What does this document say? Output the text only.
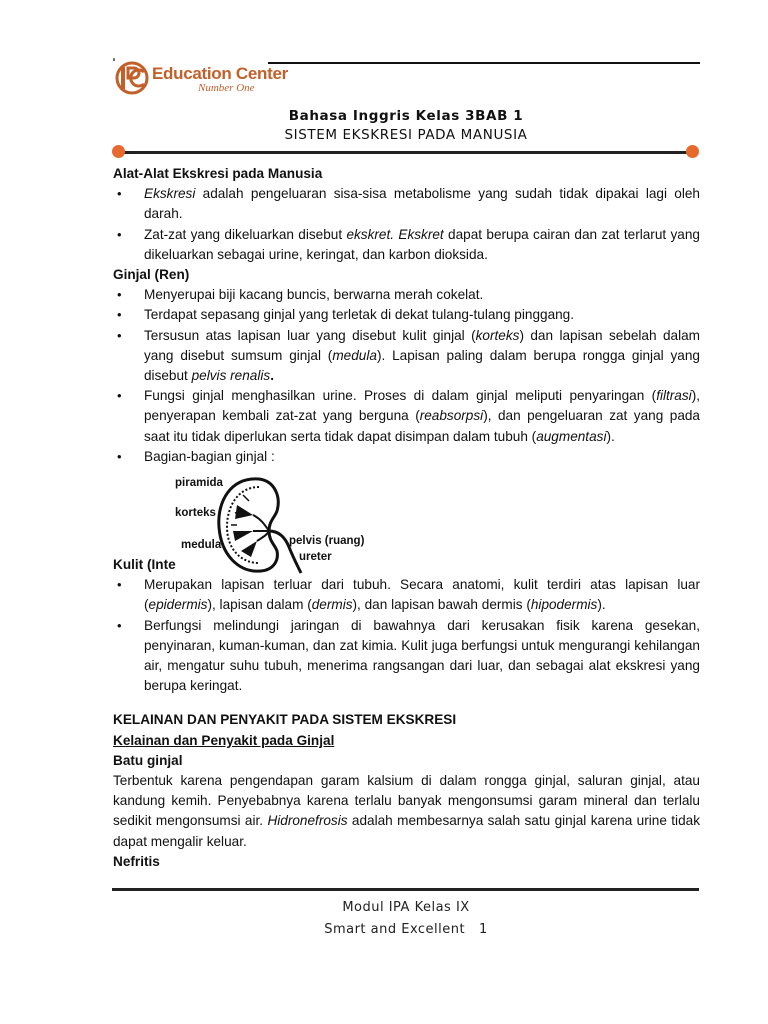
Education Center
Number One
Bahasa Inggris Kelas 3BAB 1
SISTEM EKSKRESI PADA MANUSIA

Alat-Alat Ekskresi pada Manusia

• Ekskresi adalah pengeluaran sisa-sisa metabolisme yang sudah tidak dipakai lagi oleh darah.
• Zat-zat yang dikeluarkan disebut ekskret. Ekskret dapat berupa cairan dan zat terlarut yang dikeluarkan sebagai urine, keringat, dan karbon dioksida.

Ginjal (Ren)

• Menyerupai biji kacang buncis, berwarna merah cokelat.
• Terdapat sepasang ginjal yang terletak di dekat tulang-tulang pinggang.
• Tersusun atas lapisan luar yang disebut kulit ginjal (korteks) dan lapisan sebelah dalam yang disebut sumsum ginjal (medula). Lapisan paling dalam berupa rongga ginjal yang disebut pelvis renalis.
• Fungsi ginjal menghasilkan urine. Proses di dalam ginjal meliputi penyaringan (filtrasi), penyerapan kembali zat-zat yang berguna (reabsorpsi), dan pengeluaran zat yang pada saat itu tidak diperlukan serta tidak dapat disimpan dalam tubuh (augmentasi).
• Bagian-bagian ginjal :
piramida
korteks
medula	pelvis (ruang)
ureter

Kulit (Inte

• Merupakan lapisan terluar dari tubuh. Secara anatomi, kulit terdiri atas lapisan luar (epidermis), lapisan dalam (dermis), dan lapisan bawah dermis (hipodermis).
• Berfungsi melindungi jaringan di bawahnya dari kerusakan fisik karena gesekan, penyinaran, kuman-kuman, dan zat kimia. Kulit juga berfungsi untuk mengurangi kehilangan air, mengatur suhu tubuh, menerima rangsangan dari luar, dan sebagai alat ekskresi yang berupa keringat.

KELAINAN DAN PENYAKIT PADA SISTEM EKSKRESI

Kelainan dan Penyakit pada Ginjal

Batu ginjal

Terbentuk karena pengendapan garam kalsium di dalam rongga ginjal, saluran ginjal, atau kandung kemih. Penyebabnya karena terlalu banyak mengonsumsi garam mineral dan terlalu sedikit mengonsumsi air. Hidronefrosis adalah membesarnya salah satu ginjal karena urine tidak dapat mengalir keluar.

Nefritis

Modul IPA Kelas IX
Smart and Excellent 1
